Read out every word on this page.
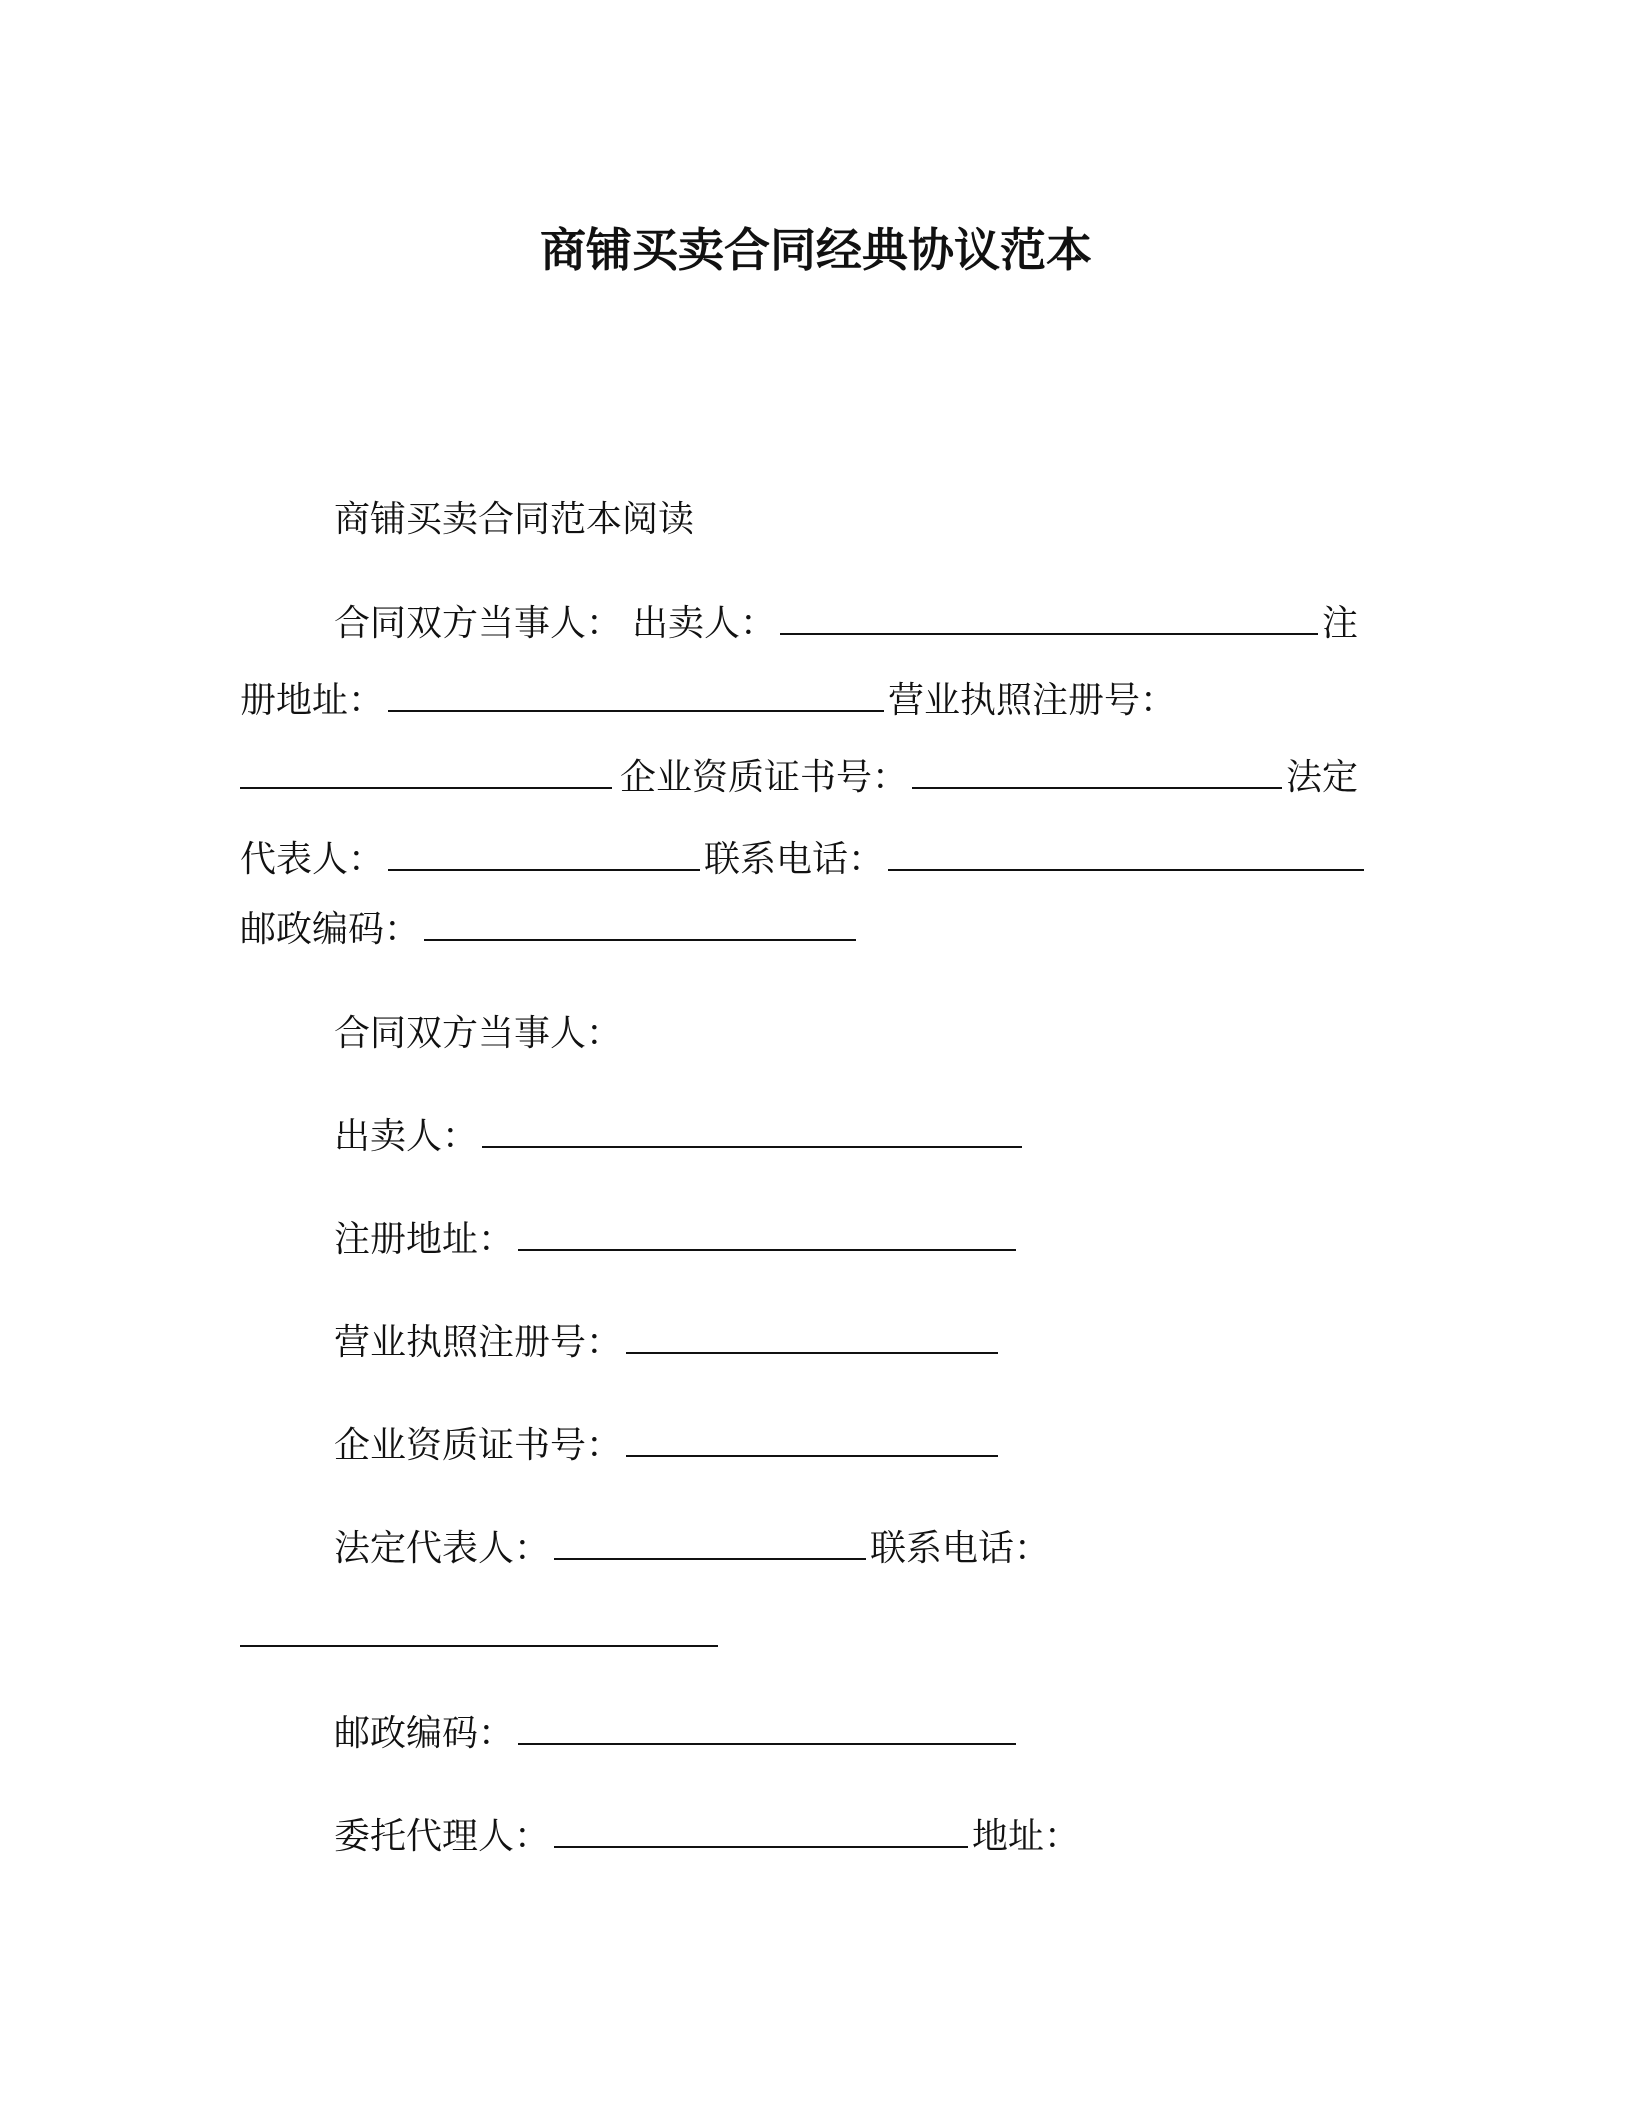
商铺买卖合同经典协议范本
商铺买卖合同范本阅读
合同双方当事人： 出卖人：	注
册地址：	营业执照注册号：
企业资质证书号：	法定
代表人：	联系电话：
邮政编码：
合同双方当事人：
出卖人：
注册地址：
营业执照注册号：
企业资质证书号：
法定代表人：	联系电话：
邮政编码：
委托代理人：	地址：
